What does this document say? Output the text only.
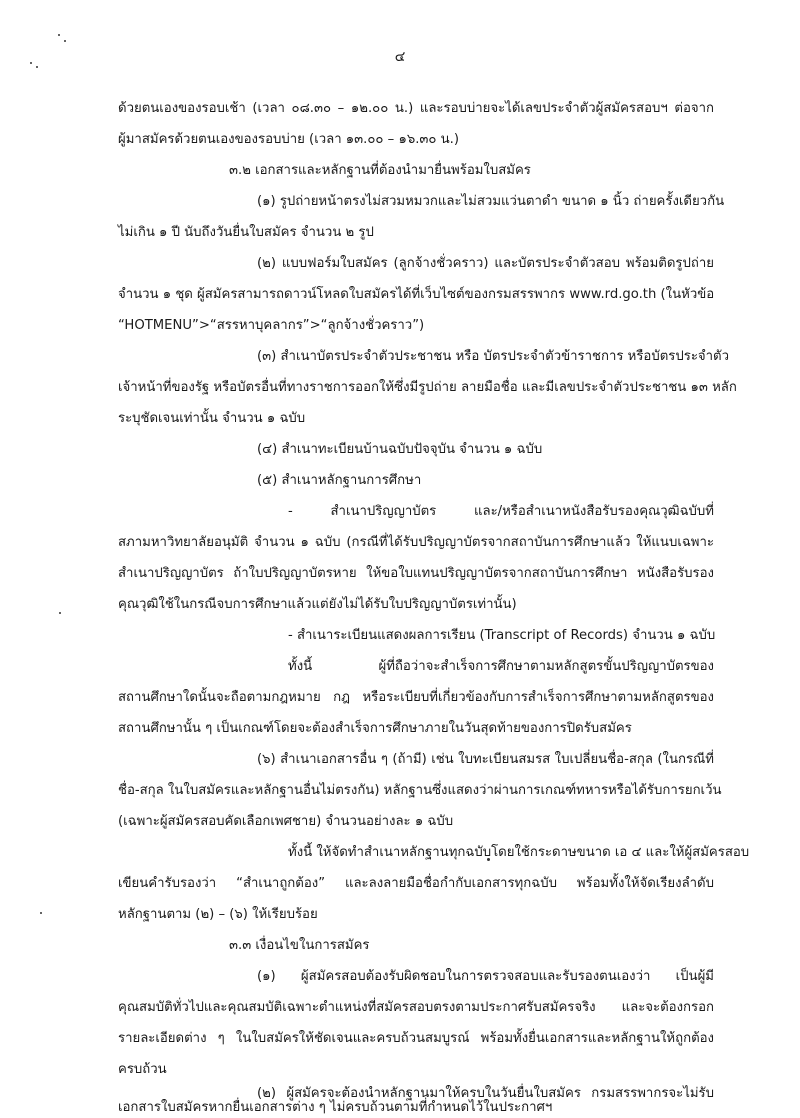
๔
ด้วยตนเองของรอบเช้า (เวลา ๐๘.๓๐ – ๑๒.๐๐ น.) และรอบบ่ายจะได้เลขประจำตัวผู้สมัครสอบฯ ต่อจาก
ผู้มาสมัครด้วยตนเองของรอบบ่าย (เวลา ๑๓.๐๐ – ๑๖.๓๐ น.)
๓.๒ เอกสารและหลักฐานที่ต้องนำมายื่นพร้อมใบสมัคร
(๑) รูปถ่ายหน้าตรงไม่สวมหมวกและไม่สวมแว่นตาดำ ขนาด ๑ นิ้ว ถ่ายครั้งเดียวกัน
ไม่เกิน ๑ ปี นับถึงวันยื่นใบสมัคร จำนวน ๒ รูป
(๒) แบบฟอร์มใบสมัคร (ลูกจ้างชั่วคราว) และบัตรประจำตัวสอบ พร้อมติดรูปถ่าย
จำนวน ๑ ชุด ผู้สมัครสามารถดาวน์โหลดใบสมัครได้ที่เว็บไซต์ของกรมสรรพากร www.rd.go.th (ในหัวข้อ
“HOTMENU”>“สรรหาบุคลากร”>“ลูกจ้างชั่วคราว”)
(๓) สำเนาบัตรประจำตัวประชาชน หรือ บัตรประจำตัวข้าราชการ หรือบัตรประจำตัว
เจ้าหน้าที่ของรัฐ หรือบัตรอื่นที่ทางราชการออกให้ซึ่งมีรูปถ่าย ลายมือชื่อ และมีเลขประจำตัวประชาชน ๑๓ หลัก
ระบุชัดเจนเท่านั้น จำนวน ๑ ฉบับ
(๔) สำเนาทะเบียนบ้านฉบับปัจจุบัน จำนวน ๑ ฉบับ
(๕) สำเนาหลักฐานการศึกษา
- สำเนาปริญญาบัตร และ/หรือสำเนาหนังสือรับรองคุณวุฒิฉบับที่
สภามหาวิทยาลัยอนุมัติ จำนวน ๑ ฉบับ (กรณีที่ได้รับปริญญาบัตรจากสถาบันการศึกษาแล้ว ให้แนบเฉพาะ
สำเนาปริญญาบัตร ถ้าใบปริญญาบัตรหาย ให้ขอใบแทนปริญญาบัตรจากสถาบันการศึกษา หนังสือรับรอง
คุณวุฒิใช้ในกรณีจบการศึกษาแล้วแต่ยังไม่ได้รับใบปริญญาบัตรเท่านั้น)
- สำเนาระเบียนแสดงผลการเรียน (Transcript of Records) จำนวน ๑ ฉบับ
ทั้งนี้ ผู้ที่ถือว่าจะสำเร็จการศึกษาตามหลักสูตรขั้นปริญญาบัตรของ
สถานศึกษาใดนั้นจะถือตามกฎหมาย กฎ หรือระเบียบที่เกี่ยวข้องกับการสำเร็จการศึกษาตามหลักสูตรของ
สถานศึกษานั้น ๆ เป็นเกณฑ์โดยจะต้องสำเร็จการศึกษาภายในวันสุดท้ายของการปิดรับสมัคร
(๖) สำเนาเอกสารอื่น ๆ (ถ้ามี) เช่น ใบทะเบียนสมรส ใบเปลี่ยนชื่อ-สกุล (ในกรณีที่
ชื่อ-สกุล ในใบสมัครและหลักฐานอื่นไม่ตรงกัน) หลักฐานซึ่งแสดงว่าผ่านการเกณฑ์ทหารหรือได้รับการยกเว้น
(เฉพาะผู้สมัครสอบคัดเลือกเพศชาย) จำนวนอย่างละ ๑ ฉบับ
ทั้งนี้ ให้จัดทำสำเนาหลักฐานทุกฉบับโดยใช้กระดาษขนาด เอ ๔ และให้ผู้สมัครสอบ
เขียนคำรับรองว่า “สำเนาถูกต้อง” และลงลายมือชื่อกำกับเอกสารทุกฉบับ พร้อมทั้งให้จัดเรียงลำดับ
หลักฐานตาม (๒) – (๖) ให้เรียบร้อย
๓.๓ เงื่อนไขในการสมัคร
(๑) ผู้สมัครสอบต้องรับผิดชอบในการตรวจสอบและรับรองตนเองว่า เป็นผู้มี
คุณสมบัติทั่วไปและคุณสมบัติเฉพาะตำแหน่งที่สมัครสอบตรงตามประกาศรับสมัครจริง และจะต้องกรอก
รายละเอียดต่าง ๆ ในใบสมัครให้ชัดเจนและครบถ้วนสมบูรณ์ พร้อมทั้งยื่นเอกสารและหลักฐานให้ถูกต้อง
ครบถ้วน
(๒) ผู้สมัครจะต้องนำหลักฐานมาให้ครบในวันยื่นใบสมัคร กรมสรรพากรจะไม่รับ
เอกสารใบสมัครหากยื่นเอกสารต่าง ๆ ไม่ครบถ้วนตามที่กำหนดไว้ในประกาศฯ
